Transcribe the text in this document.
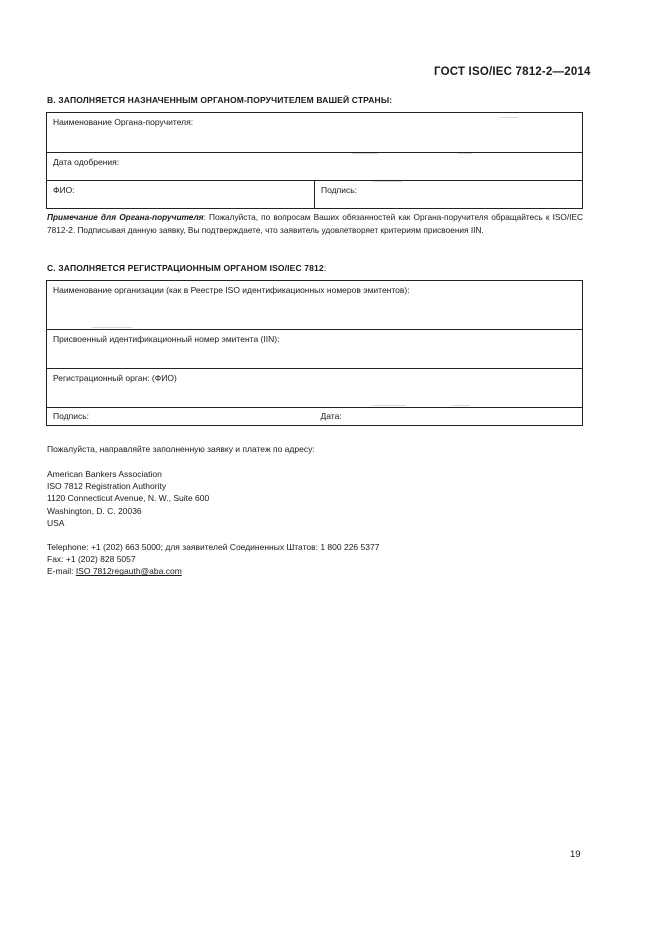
ГОСТ ISO/IEC 7812-2—2014
B. ЗАПОЛНЯЕТСЯ НАЗНАЧЕННЫМ ОРГАНОМ-ПОРУЧИТЕЛЕМ ВАШЕЙ СТРАНЫ:
Наименование Органа-поручителя:
Дата одобрения:
ФИО:	Подпись:
Примечание для Органа-поручителя: Пожалуйста, по вопросам Ваших обязанностей как Органа-поручителя обращайтесь к ISO/IEC 7812-2. Подписывая данную заявку, Вы подтверждаете, что заявитель удовлетворяет критериям присвоения IIN.
C. ЗАПОЛНЯЕТСЯ РЕГИСТРАЦИОННЫМ ОРГАНОМ ISO/IEC 7812:
Наименование организации (как в Реестре ISO идентификационных номеров эмитентов):
Присвоенный идентификационный номер эмитента (IIN):
Регистрационный орган: (ФИО)
Подпись:	Дата:
Пожалуйста, направляйте заполненную заявку и платеж по адресу:
American Bankers Association
ISO 7812 Registration Authority
1120 Connecticut Avenue, N. W., Suite 600
Washington, D. C. 20036
USA
Telephone: +1 (202) 663 5000; для заявителей Соединенных Штатов: 1 800 226 5377
Fax: +1 (202) 828 5057
E-mail: ISO 7812regauth@aba.com
19
